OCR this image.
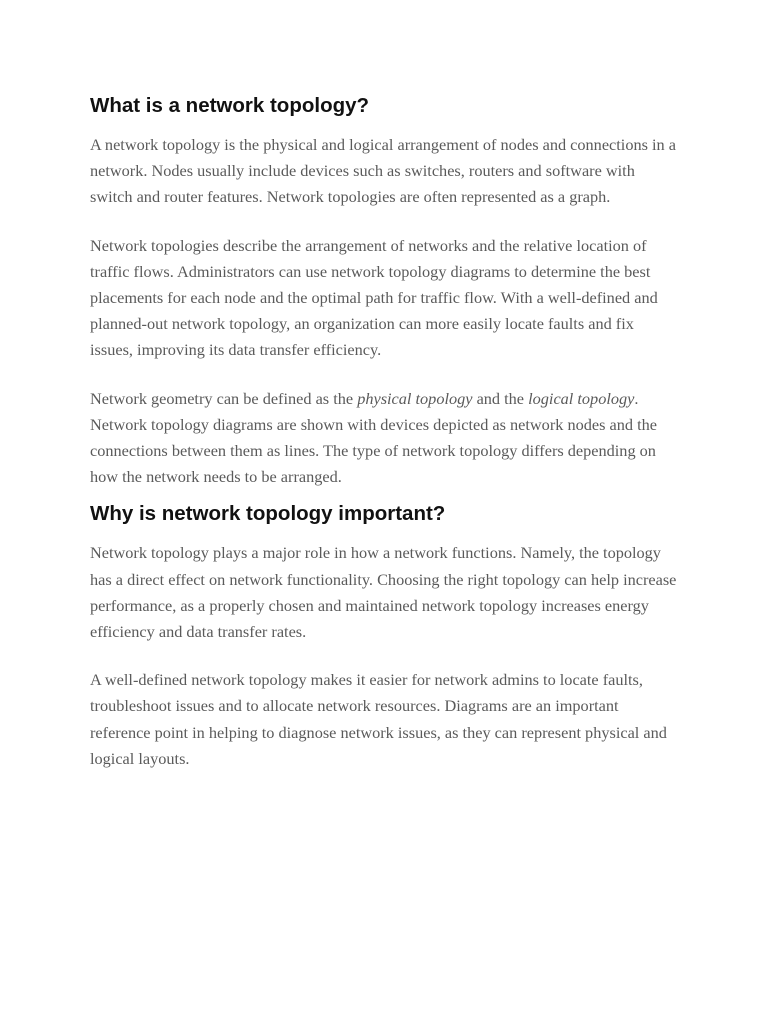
What is a network topology?

A network topology is the physical and logical arrangement of nodes and connections in a network. Nodes usually include devices such as switches, routers and software with switch and router features. Network topologies are often represented as a graph.

Network topologies describe the arrangement of networks and the relative location of traffic flows. Administrators can use network topology diagrams to determine the best placements for each node and the optimal path for traffic flow. With a well-defined and planned-out network topology, an organization can more easily locate faults and fix issues, improving its data transfer efficiency.

Network geometry can be defined as the physical topology and the logical topology. Network topology diagrams are shown with devices depicted as network nodes and the connections between them as lines. The type of network topology differs depending on how the network needs to be arranged.

Why is network topology important?

Network topology plays a major role in how a network functions. Namely, the topology has a direct effect on network functionality. Choosing the right topology can help increase performance, as a properly chosen and maintained network topology increases energy efficiency and data transfer rates.

A well-defined network topology makes it easier for network admins to locate faults, troubleshoot issues and to allocate network resources. Diagrams are an important reference point in helping to diagnose network issues, as they can represent physical and logical layouts.
